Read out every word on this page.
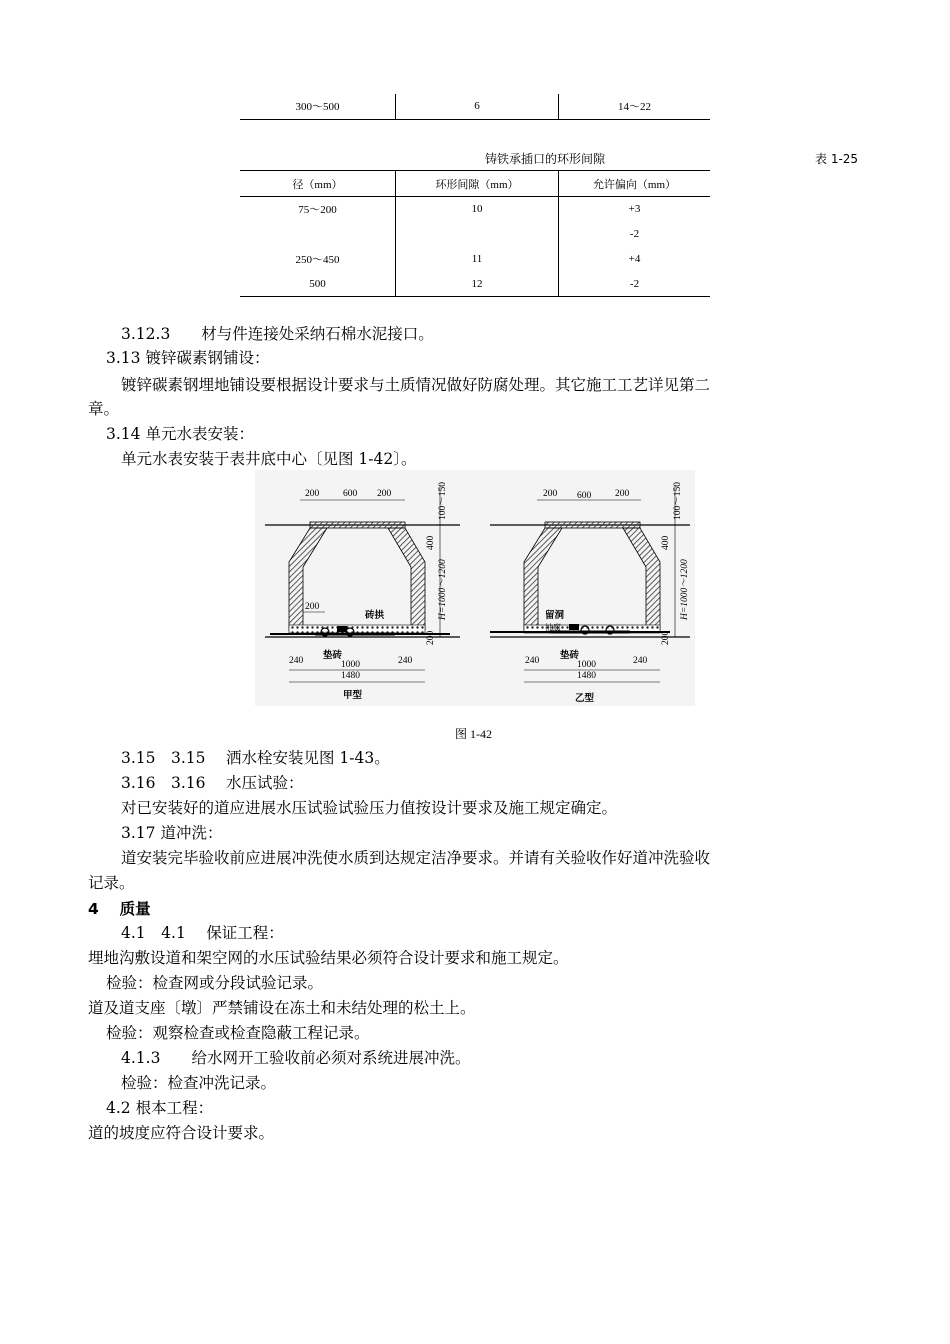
300～500	6	14～22
铸铁承插口的环形间隙	表 1-25
径（mm）	环形间隙（mm）	允许偏向（mm）
75～200	10	+3
		-2
250～450	11	+4
500	12	-2
3.12.3　　材与件连接处采纳石棉水泥接口。
3.13 镀锌碳素钢铺设：
镀锌碳素钢埋地铺设要根据设计要求与土质情况做好防腐处理。其它施工工艺详见第二
章。
3.14 单元水表安装：
单元水表安装于表井底中心〔见图 1-42〕。
200
砖拱
垫砖
200	600 200	100～150
400
H=1000～1200
200
240	240
1000
1480
甲型
留洞
抽腐
垫砖
200 600	200	100～150
400
H=1000～1200
200
240	240
1000
1480
乙型
图 1-42
3.15　3.15　 洒水栓安装见图 1-43。
3.16　3.16　 水压试验：
对已安装好的道应进展水压试验试验压力值按设计要求及施工规定确定。
3.17 道冲洗：
道安装完毕验收前应进展冲洗使水质到达规定洁净要求。并请有关验收作好道冲洗验收
记录。
4　 质量
4.1　4.1　 保证工程：
埋地沟敷设道和架空网的水压试验结果必须符合设计要求和施工规定。
检验：检查网或分段试验记录。
道及道支座〔墩〕严禁铺设在冻土和未结处理的松土上。
检验：观察检查或检查隐蔽工程记录。
4.1.3　　给水网开工验收前必须对系统进展冲洗。
检验：检查冲洗记录。
4.2 根本工程：
道的坡度应符合设计要求。
